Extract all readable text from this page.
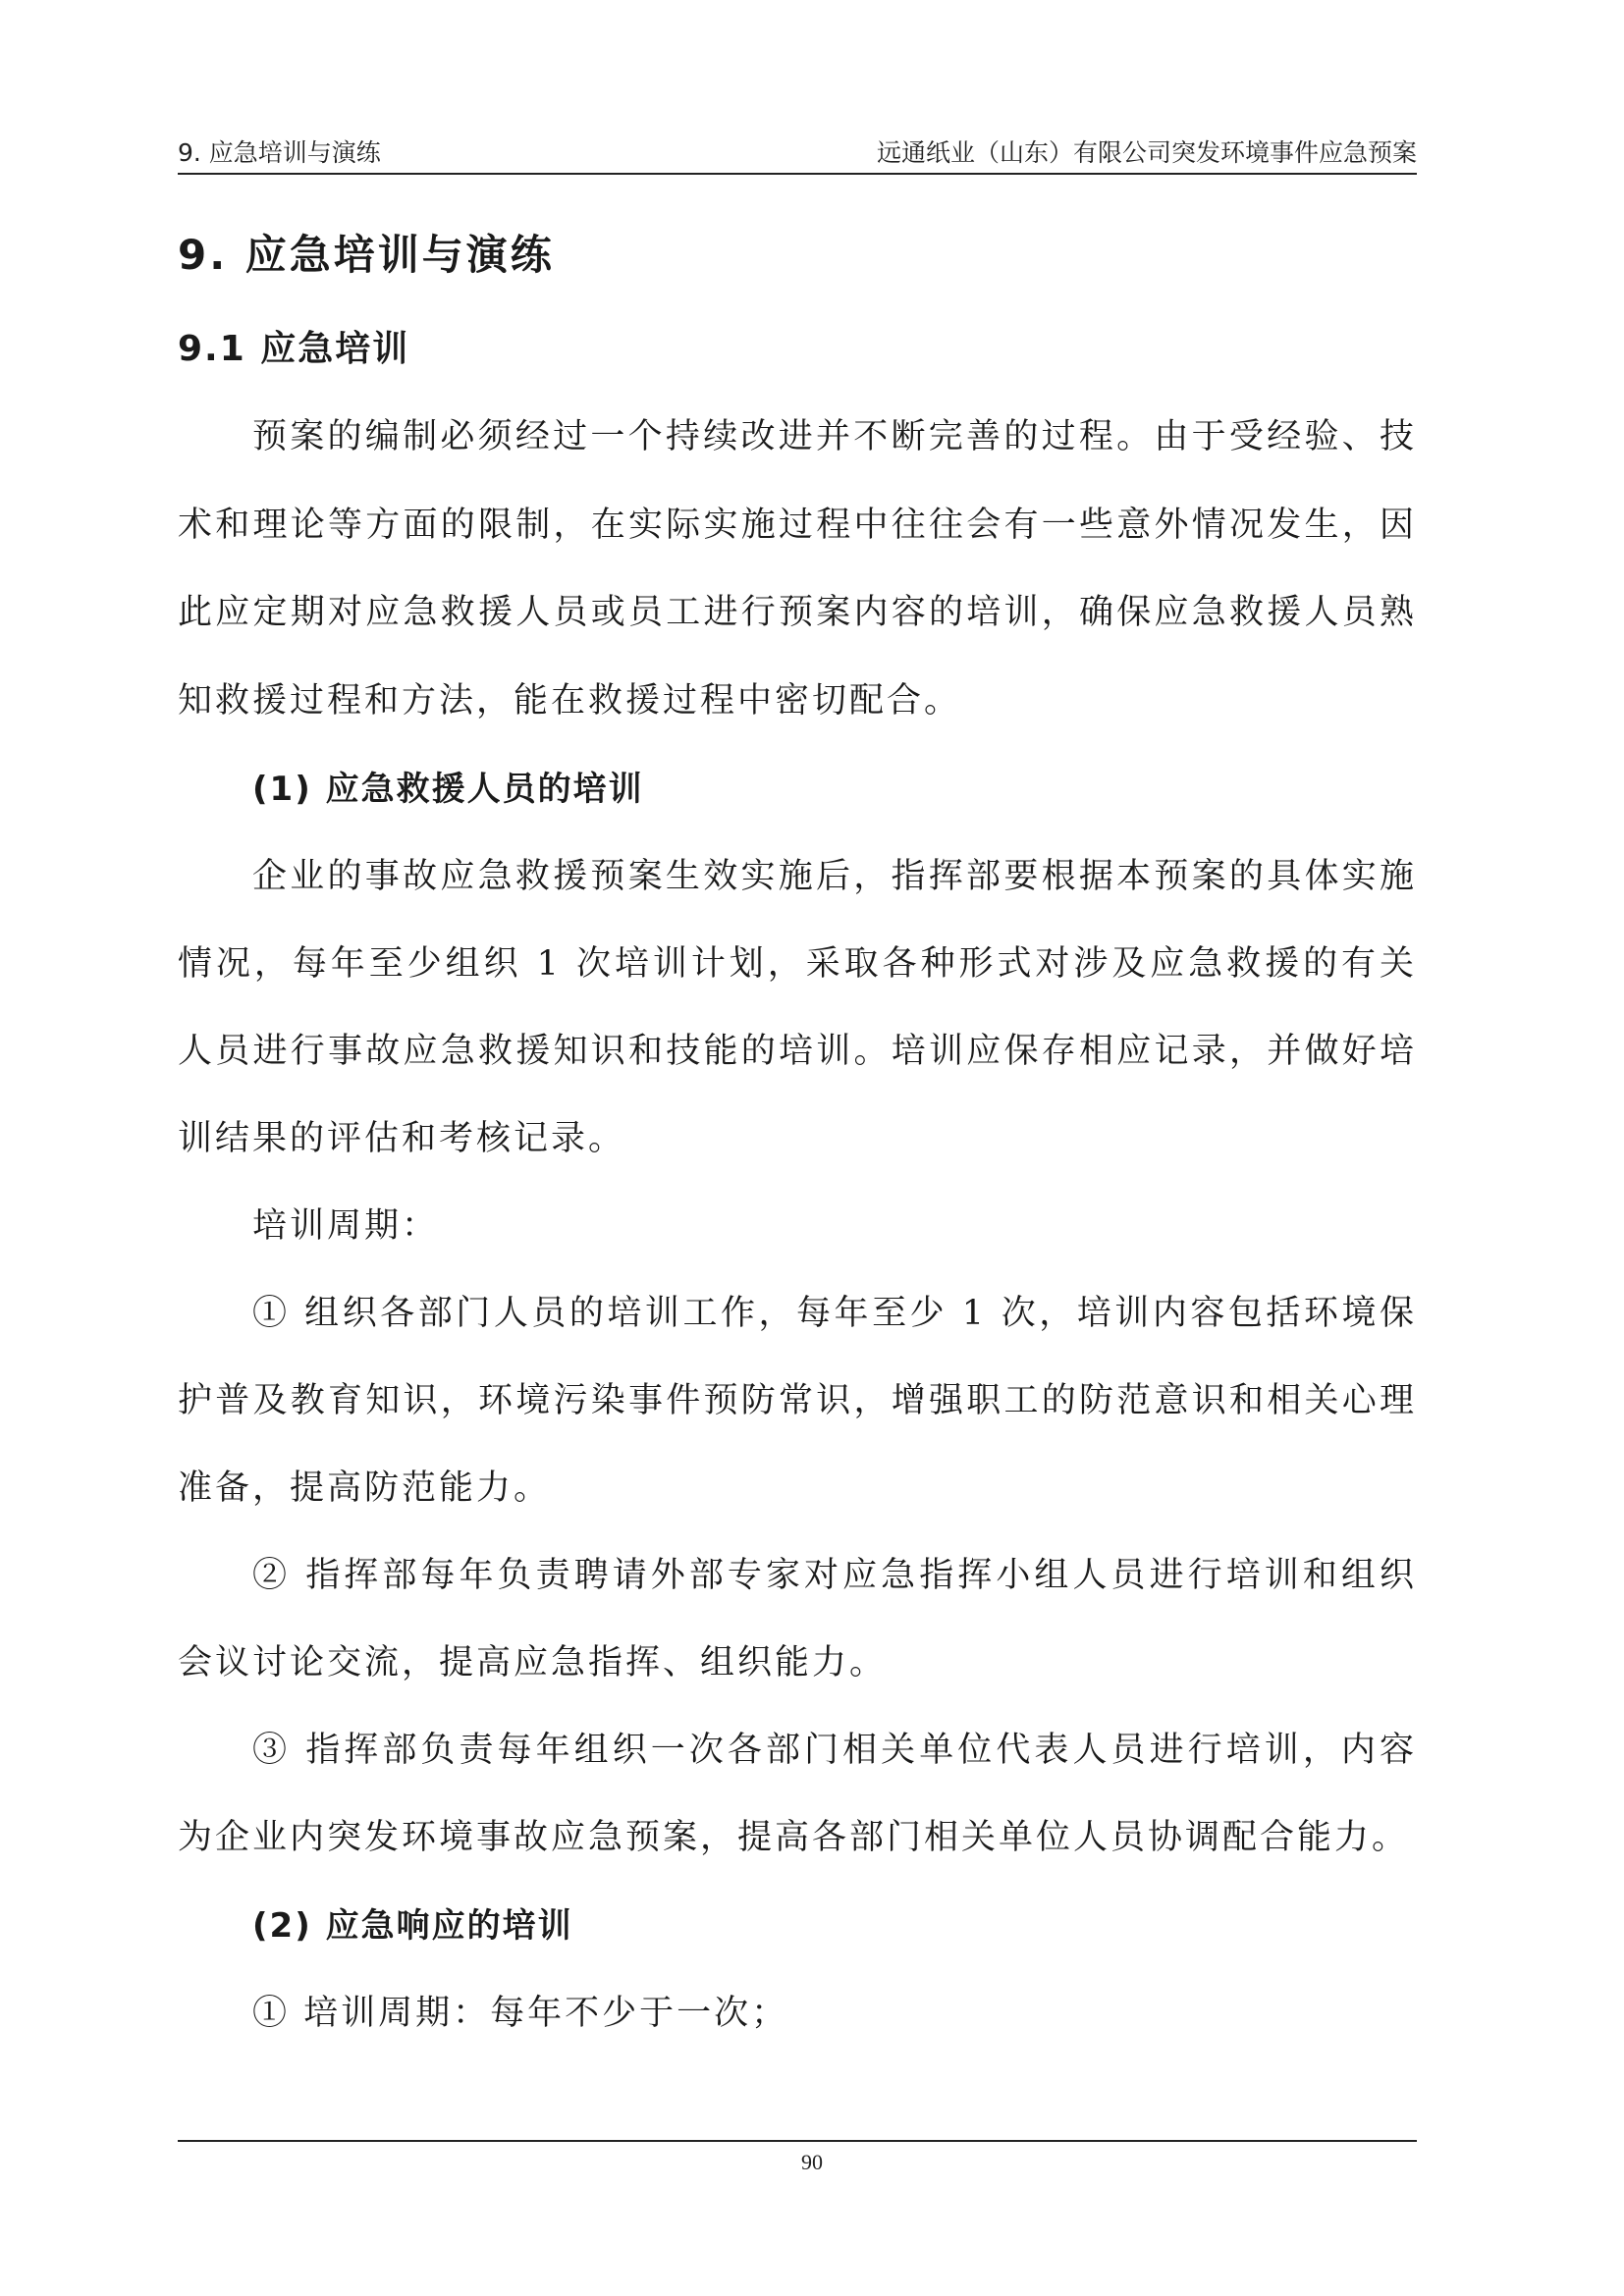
9. 应急培训与演练	远通纸业（山东）有限公司突发环境事件应急预案
9. 应急培训与演练
9.1 应急培训

预案的编制必须经过一个持续改进并不断完善的过程。由于受经验、技术和理论等方面的限制，在实际实施过程中往往会有一些意外情况发生，因此应定期对应急救援人员或员工进行预案内容的培训，确保应急救援人员熟知救援过程和方法，能在救援过程中密切配合。

(1) 应急救援人员的培训

企业的事故应急救援预案生效实施后，指挥部要根据本预案的具体实施情况，每年至少组织 1 次培训计划，采取各种形式对涉及应急救援的有关人员进行事故应急救援知识和技能的培训。培训应保存相应记录，并做好培训结果的评估和考核记录。

培训周期：

① 组织各部门人员的培训工作，每年至少 1 次，培训内容包括环境保护普及教育知识，环境污染事件预防常识，增强职工的防范意识和相关心理准备，提高防范能力。

② 指挥部每年负责聘请外部专家对应急指挥小组人员进行培训和组织会议讨论交流，提高应急指挥、组织能力。

③ 指挥部负责每年组织一次各部门相关单位代表人员进行培训，内容为企业内突发环境事故应急预案，提高各部门相关单位人员协调配合能力。

(2) 应急响应的培训

① 培训周期：每年不少于一次；

90
